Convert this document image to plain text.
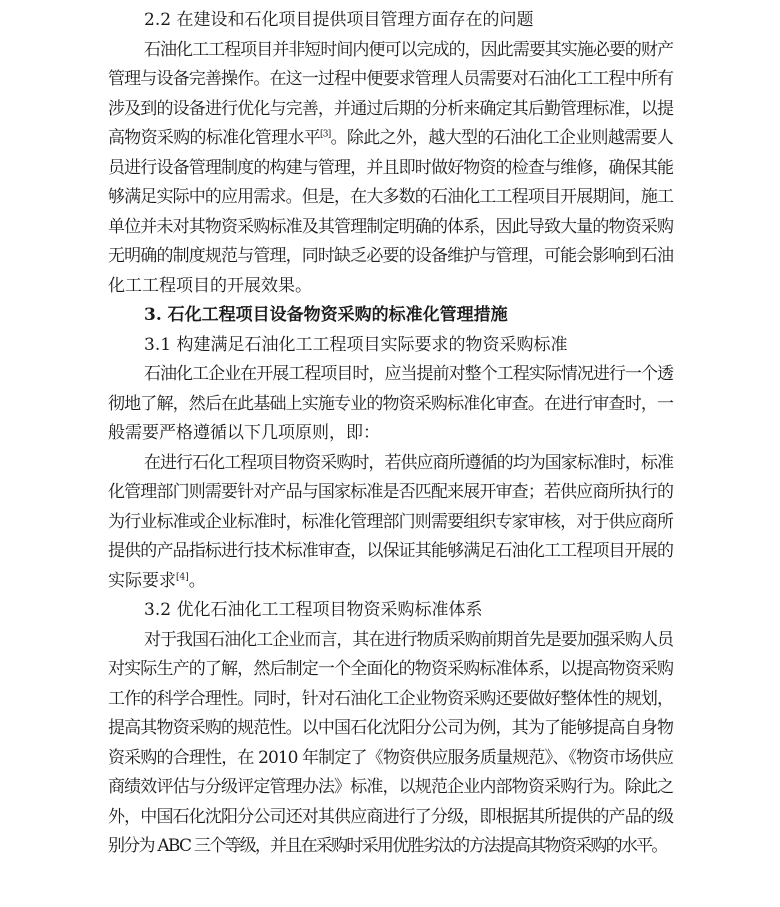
2.2 在建设和石化项目提供项目管理方面存在的问题
石油化工工程项目并非短时间内便可以完成的，因此需要其实施必要的财产
管理与设备完善操作。在这一过程中便要求管理人员需要对石油化工工程中所有
涉及到的设备进行优化与完善，并通过后期的分析来确定其后勤管理标准，以提
高物资采购的标准化管理水平[3]。除此之外，越大型的石油化工企业则越需要人
员进行设备管理制度的构建与管理，并且即时做好物资的检查与维修，确保其能
够满足实际中的应用需求。但是，在大多数的石油化工工程项目开展期间，施工
单位并未对其物资采购标准及其管理制定明确的体系，因此导致大量的物资采购
无明确的制度规范与管理，同时缺乏必要的设备维护与管理，可能会影响到石油
化工工程项目的开展效果。
3. 石化工程项目设备物资采购的标准化管理措施
3.1 构建满足石油化工工程项目实际要求的物资采购标准
石油化工企业在开展工程项目时，应当提前对整个工程实际情况进行一个透
彻地了解，然后在此基础上实施专业的物资采购标准化审查。在进行审查时，一
般需要严格遵循以下几项原则，即：
在进行石化工程项目物资采购时，若供应商所遵循的均为国家标准时，标准
化管理部门则需要针对产品与国家标准是否匹配来展开审查；若供应商所执行的
为行业标准或企业标准时，标准化管理部门则需要组织专家审核，对于供应商所
提供的产品指标进行技术标准审查，以保证其能够满足石油化工工程项目开展的
实际要求[4]。
3.2 优化石油化工工程项目物资采购标准体系
对于我国石油化工企业而言，其在进行物质采购前期首先是要加强采购人员
对实际生产的了解，然后制定一个全面化的物资采购标准体系，以提高物资采购
工作的科学合理性。同时，针对石油化工企业物资采购还要做好整体性的规划，
提高其物资采购的规范性。以中国石化沈阳分公司为例，其为了能够提高自身物
资采购的合理性，在 2010 年制定了《物资供应服务质量规范》、《物资市场供应
商绩效评估与分级评定管理办法》标准，以规范企业内部物资采购行为。除此之
外，中国石化沈阳分公司还对其供应商进行了分级，即根据其所提供的产品的级
别分为 ABC 三个等级，并且在采购时采用优胜劣汰的方法提高其物资采购的水平。
